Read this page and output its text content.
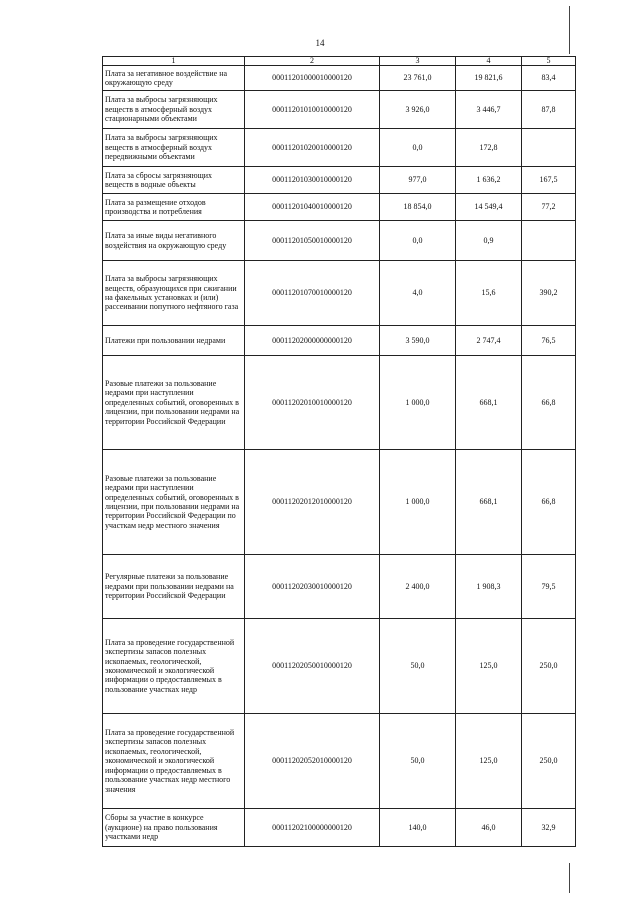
14
1	2	3	4	5
Плата за негативное воздействие на окружающую среду	00011201000010000120	23 761,0	19 821,6	83,4
Плата за выбросы загрязняющих веществ в атмосферный воздух стационарными объектами	00011201010010000120	3 926,0	3 446,7	87,8
Плата за выбросы загрязняющих веществ в атмосферный воздух передвижными объектами	00011201020010000120	0,0	172,8	
Плата за сбросы загрязняющих веществ в водные объекты	00011201030010000120	977,0	1 636,2	167,5
Плата за размещение отходов производства и потребления	00011201040010000120	18 854,0	14 549,4	77,2
Плата за иные виды негативного воздействия на окружающую среду	00011201050010000120	0,0	0,9	
Плата за выбросы загрязняющих веществ, образующихся при сжигании на факельных установках и (или) рассеивании попутного нефтяного газа	00011201070010000120	4,0	15,6	390,2
Платежи при пользовании недрами	00011202000000000120	3 590,0	2 747,4	76,5
Разовые платежи за пользование недрами при наступлении определенных событий, оговоренных в лицензии, при пользовании недрами на территории Российской Федерации	00011202010010000120	1 000,0	668,1	66,8
Разовые платежи за пользование недрами при наступлении определенных событий, оговоренных в лицензии, при пользовании недрами на территории Российской Федерации по участкам недр местного значения	00011202012010000120	1 000,0	668,1	66,8
Регулярные платежи за пользование недрами при пользовании недрами на территории Российской Федерации	00011202030010000120	2 400,0	1 908,3	79,5
Плата за проведение государственной экспертизы запасов полезных ископаемых, геологической, экономической и экологической информации о предоставляемых в пользование участках недр	00011202050010000120	50,0	125,0	250,0
Плата за проведение государственной экспертизы запасов полезных ископаемых, геологической, экономической и экологической информации о предоставляемых в пользование участках недр местного значения	00011202052010000120	50,0	125,0	250,0
Сборы за участие в конкурсе (аукционе) на право пользования участками недр	00011202100000000120	140,0	46,0	32,9
